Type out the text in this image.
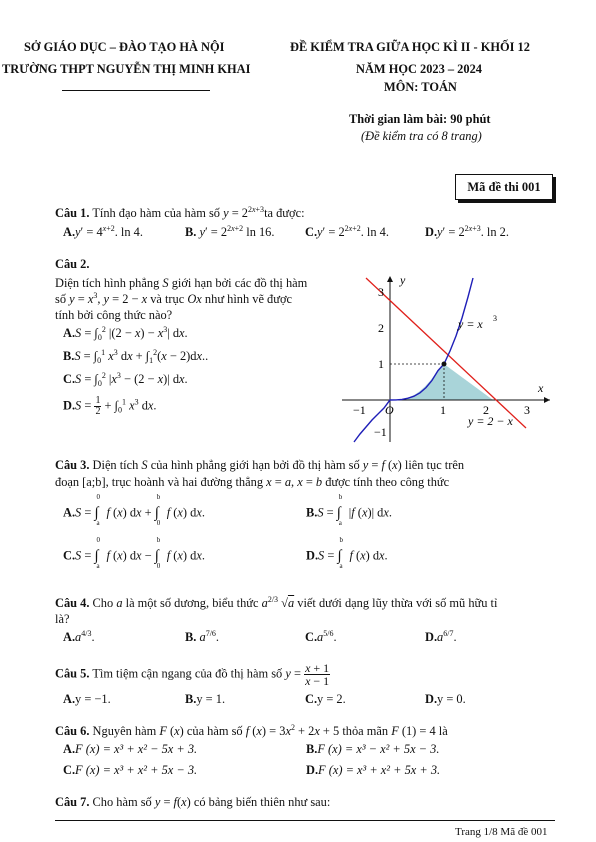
SỞ GIÁO DỤC – ĐÀO TẠO HÀ NỘI
TRƯỜNG THPT NGUYỄN THỊ MINH KHAI
ĐỀ KIỂM TRA GIỮA HỌC KÌ II - KHỐI 12
NĂM HỌC 2023 – 2024
MÔN: TOÁN
Thời gian làm bài: 90 phút
(Đề kiểm tra có 8 trang)
Mã đề thi 001
Câu 1. Tính đạo hàm của hàm số $y = 2^{2x+3}ta$ được:
$A.y' = 4^{x+2}$. ln 4.	B. $y' = 2^{2x+2}$ ln 16. $C.y' = 2^{2x+2}$. ln 4.	$D.y' = 2^{2x+3}$. ln 2.
Câu 2.
Diện tích hình phẳng S giới hạn bởi các đồ thị hàm
số $y = x^3$, y = 2 − x và trục Ox như hình vẽ được
tính bởi công thức nào?
$A.S = \int_0^2$ $|(2 - x) - x^3|$ dx.
$B.S = \int_0^1$ $x^3$ dx + $\int_1^2(x - 2)dx$..
$C.S = \int_0^2$ $|x^3 - (2 - x)|$ dx.
$D.S = \frac{1}{2} + \int_0^1$ $x^3$ dx.
y
x
O
−1	1	2	3
3
2
1
−1
y = x 3
y = 2 − x
Câu 3. Diện tích S của hình phẳng giới hạn bởi đồ thị hàm số y = f (x) liên tục trên
đoạn [a;b], trục hoành và hai đường thẳng x = a, x = b được tính theo công thức
A.S = ∫
0
a
f (x) dx + ∫
b
0
f (x) dx.	B.S = ∫
b
a
|f (x)| dx.
C.S = ∫
0
a
f (x) dx − ∫
b
0
f (x) dx.	D.S = ∫
b
a
f (x) dx.
Câu 4. Cho a là một số dương, biểu thức $a^{2/3}$ √a viết dưới dạng lũy thừa với số mũ hữu tỉ
là?
$A.a^{4/3}$.	B. $a^{7/6}$.	$C.a^{5/6}$.	$D.a^{6/7}$.
Câu 5. Tìm tiệm cận ngang của đồ thị hàm số $y = \frac{x + 1}{x - 1}$
A.y = −1.	B.y = 1.	C.y = 2.	D.y = 0.
Câu 6. Nguyên hàm F (x) của hàm số f $(x) = 3x^2 + 2x + 5$ thỏa mãn F (1) = 4 là
A.F (x) = x³ + x² − 5x + 3.	B.F (x) = x³ − x² + 5x − 3.
C.F (x) = x³ + x² + 5x − 3.	D.F (x) = x³ + x² + 5x + 3.
Câu 7. Cho hàm số y = f(x) có bảng biến thiên như sau:
Trang 1/8 Mã đề 001
